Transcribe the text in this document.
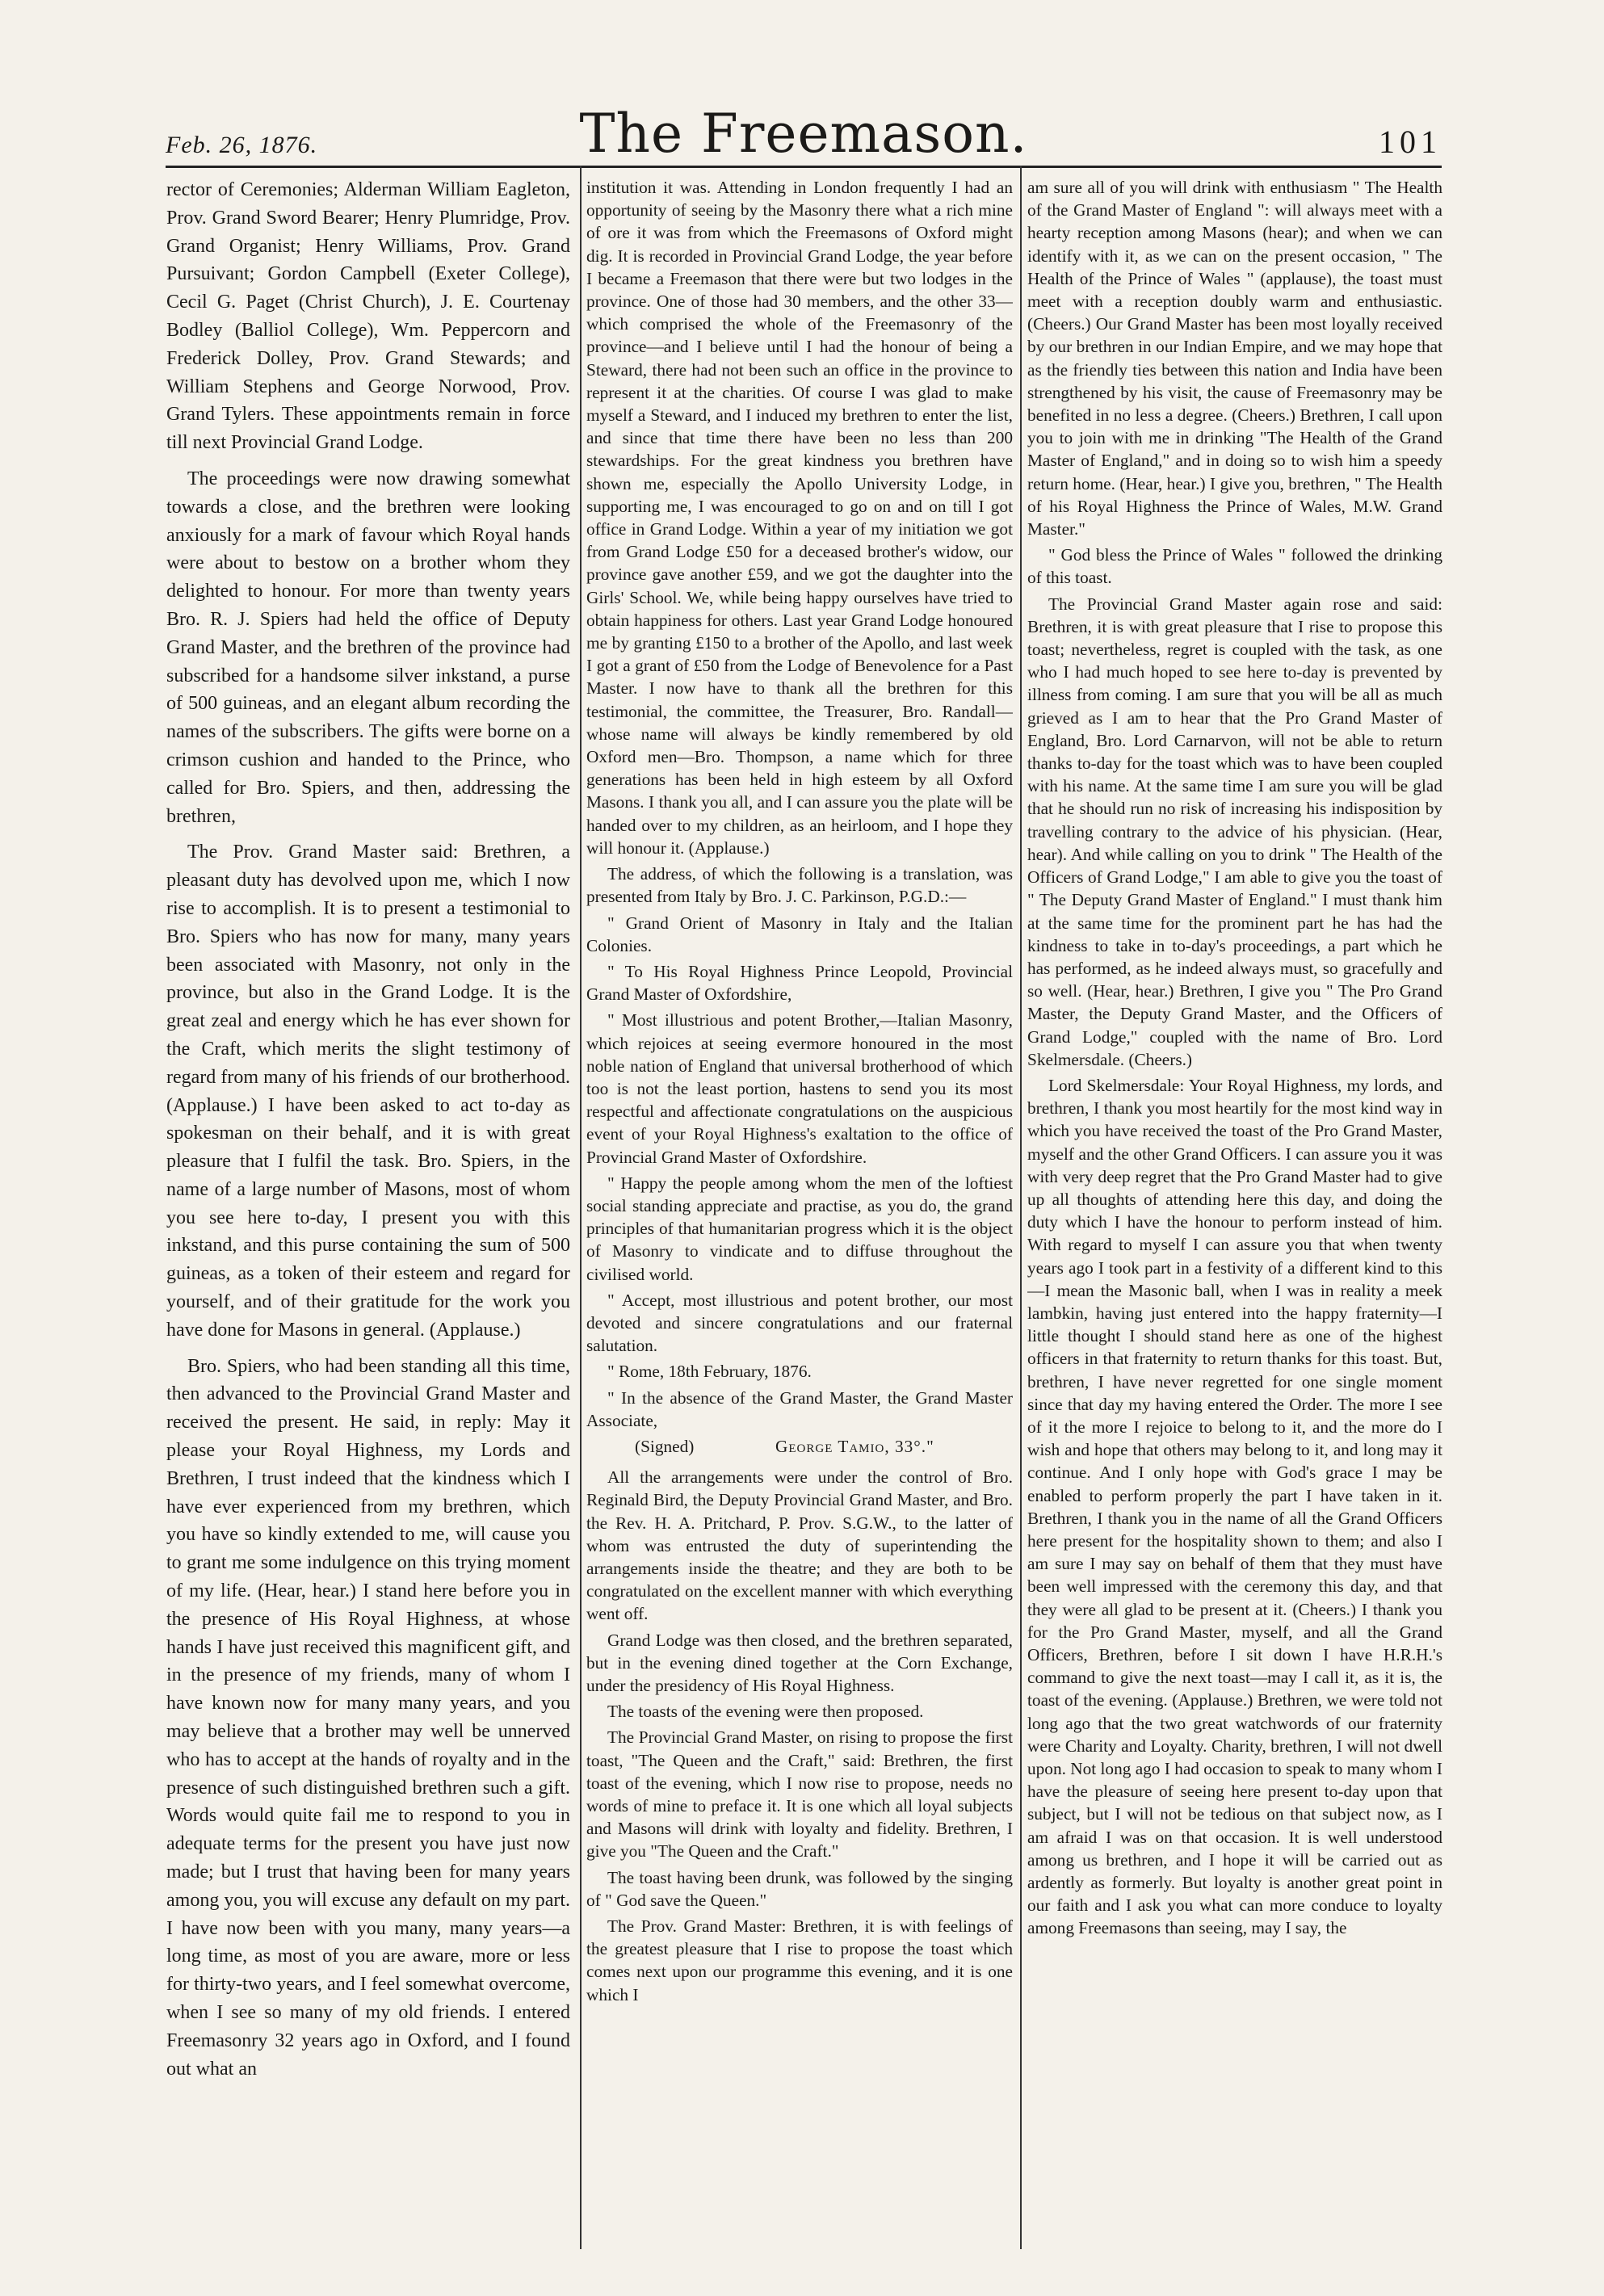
Feb. 26, 1876.	The Freemason.	101

rector of Ceremonies; Alderman William Eagleton, Prov. Grand Sword Bearer; Henry Plumridge, Prov. Grand Organist; Henry Williams, Prov. Grand Pursuivant; Gordon Campbell (Exeter College), Cecil G. Paget (Christ Church), J. E. Courtenay Bodley (Balliol College), Wm. Peppercorn and Frederick Dolley, Prov. Grand Stewards; and William Stephens and George Norwood, Prov. Grand Tylers. These appointments remain in force till next Provincial Grand Lodge.

The proceedings were now drawing somewhat towards a close, and the brethren were looking anxiously for a mark of favour which Royal hands were about to bestow on a brother whom they delighted to honour. For more than twenty years Bro. R. J. Spiers had held the office of Deputy Grand Master, and the brethren of the province had subscribed for a handsome silver inkstand, a purse of 500 guineas, and an elegant album recording the names of the subscribers. The gifts were borne on a crimson cushion and handed to the Prince, who called for Bro. Spiers, and then, addressing the brethren,

The Prov. Grand Master said: Brethren, a pleasant duty has devolved upon me, which I now rise to accomplish. It is to present a testimonial to Bro. Spiers who has now for many, many years been associated with Masonry, not only in the province, but also in the Grand Lodge. It is the great zeal and energy which he has ever shown for the Craft, which merits the slight testimony of regard from many of his friends of our brotherhood. (Applause.) I have been asked to act to-day as spokesman on their behalf, and it is with great pleasure that I fulfil the task. Bro. Spiers, in the name of a large number of Masons, most of whom you see here to-day, I present you with this inkstand, and this purse containing the sum of 500 guineas, as a token of their esteem and regard for yourself, and of their gratitude for the work you have done for Masons in general. (Applause.)

Bro. Spiers, who had been standing all this time, then advanced to the Provincial Grand Master and received the present. He said, in reply: May it please your Royal Highness, my Lords and Brethren, I trust indeed that the kindness which I have ever experienced from my brethren, which you have so kindly extended to me, will cause you to grant me some indulgence on this trying moment of my life. (Hear, hear.) I stand here before you in the presence of His Royal Highness, at whose hands I have just received this magnificent gift, and in the presence of my friends, many of whom I have known now for many many years, and you may believe that a brother may well be unnerved who has to accept at the hands of royalty and in the presence of such distinguished brethren such a gift. Words would quite fail me to respond to you in adequate terms for the present you have just now made; but I trust that having been for many years among you, you will excuse any default on my part. I have now been with you many, many years—a long time, as most of you are aware, more or less for thirty-two years, and I feel somewhat overcome, when I see so many of my old friends. I entered Freemasonry 32 years ago in Oxford, and I found out what an

institution it was. Attending in London frequently I had an opportunity of seeing by the Masonry there what a rich mine of ore it was from which the Freemasons of Oxford might dig. It is recorded in Provincial Grand Lodge, the year before I became a Freemason that there were but two lodges in the province. One of those had 30 members, and the other 33—which comprised the whole of the Freemasonry of the province—and I believe until I had the honour of being a Steward, there had not been such an office in the province to represent it at the charities. Of course I was glad to make myself a Steward, and I induced my brethren to enter the list, and since that time there have been no less than 200 stewardships. For the great kindness you brethren have shown me, especially the Apollo University Lodge, in supporting me, I was encouraged to go on and on till I got office in Grand Lodge. Within a year of my initiation we got from Grand Lodge £50 for a deceased brother's widow, our province gave another £59, and we got the daughter into the Girls' School. We, while being happy ourselves have tried to obtain happiness for others. Last year Grand Lodge honoured me by granting £150 to a brother of the Apollo, and last week I got a grant of £50 from the Lodge of Benevolence for a Past Master. I now have to thank all the brethren for this testimonial, the committee, the Treasurer, Bro. Randall—whose name will always be kindly remembered by old Oxford men—Bro. Thompson, a name which for three generations has been held in high esteem by all Oxford Masons. I thank you all, and I can assure you the plate will be handed over to my children, as an heirloom, and I hope they will honour it. (Applause.)

The address, of which the following is a translation, was presented from Italy by Bro. J. C. Parkinson, P.G.D.:—

" Grand Orient of Masonry in Italy and the Italian Colonies.

" To His Royal Highness Prince Leopold, Provincial Grand Master of Oxfordshire,

" Most illustrious and potent Brother,—Italian Masonry, which rejoices at seeing evermore honoured in the most noble nation of England that universal brotherhood of which too is not the least portion, hastens to send you its most respectful and affectionate congratulations on the auspicious event of your Royal Highness's exaltation to the office of Provincial Grand Master of Oxfordshire.

" Happy the people among whom the men of the loftiest social standing appreciate and practise, as you do, the grand principles of that humanitarian progress which it is the object of Masonry to vindicate and to diffuse throughout the civilised world.

" Accept, most illustrious and potent brother, our most devoted and sincere congratulations and our fraternal salutation.

" Rome, 18th February, 1876.

" In the absence of the Grand Master, the Grand Master Associate,

(Signed)	George Tamio, 33°."

All the arrangements were under the control of Bro. Reginald Bird, the Deputy Provincial Grand Master, and Bro. the Rev. H. A. Pritchard, P. Prov. S.G.W., to the latter of whom was entrusted the duty of superintending the arrangements inside the theatre; and they are both to be congratulated on the excellent manner with which everything went off.

Grand Lodge was then closed, and the brethren separated, but in the evening dined together at the Corn Exchange, under the presidency of His Royal Highness.

The toasts of the evening were then proposed.

The Provincial Grand Master, on rising to propose the first toast, "The Queen and the Craft," said: Brethren, the first toast of the evening, which I now rise to propose, needs no words of mine to preface it. It is one which all loyal subjects and Masons will drink with loyalty and fidelity. Brethren, I give you "The Queen and the Craft."

The toast having been drunk, was followed by the singing of " God save the Queen."

The Prov. Grand Master: Brethren, it is with feelings of the greatest pleasure that I rise to propose the toast which comes next upon our programme this evening, and it is one which I

am sure all of you will drink with enthusiasm " The Health of the Grand Master of England ": will always meet with a hearty reception among Masons (hear); and when we can identify with it, as we can on the present occasion, " The Health of the Prince of Wales " (applause), the toast must meet with a reception doubly warm and enthusiastic. (Cheers.) Our Grand Master has been most loyally received by our brethren in our Indian Empire, and we may hope that as the friendly ties between this nation and India have been strengthened by his visit, the cause of Freemasonry may be benefited in no less a degree. (Cheers.) Brethren, I call upon you to join with me in drinking "The Health of the Grand Master of England," and in doing so to wish him a speedy return home. (Hear, hear.) I give you, brethren, " The Health of his Royal Highness the Prince of Wales, M.W. Grand Master."

" God bless the Prince of Wales " followed the drinking of this toast.

The Provincial Grand Master again rose and said: Brethren, it is with great pleasure that I rise to propose this toast; nevertheless, regret is coupled with the task, as one who I had much hoped to see here to-day is prevented by illness from coming. I am sure that you will be all as much grieved as I am to hear that the Pro Grand Master of England, Bro. Lord Carnarvon, will not be able to return thanks to-day for the toast which was to have been coupled with his name. At the same time I am sure you will be glad that he should run no risk of increasing his indisposition by travelling contrary to the advice of his physician. (Hear, hear). And while calling on you to drink " The Health of the Officers of Grand Lodge," I am able to give you the toast of " The Deputy Grand Master of England." I must thank him at the same time for the prominent part he has had the kindness to take in to-day's proceedings, a part which he has performed, as he indeed always must, so gracefully and so well. (Hear, hear.) Brethren, I give you " The Pro Grand Master, the Deputy Grand Master, and the Officers of Grand Lodge," coupled with the name of Bro. Lord Skelmersdale. (Cheers.)

Lord Skelmersdale: Your Royal Highness, my lords, and brethren, I thank you most heartily for the most kind way in which you have received the toast of the Pro Grand Master, myself and the other Grand Officers. I can assure you it was with very deep regret that the Pro Grand Master had to give up all thoughts of attending here this day, and doing the duty which I have the honour to perform instead of him. With regard to myself I can assure you that when twenty years ago I took part in a festivity of a different kind to this—I mean the Masonic ball, when I was in reality a meek lambkin, having just entered into the happy fraternity—I little thought I should stand here as one of the highest officers in that fraternity to return thanks for this toast. But, brethren, I have never regretted for one single moment since that day my having entered the Order. The more I see of it the more I rejoice to belong to it, and the more do I wish and hope that others may belong to it, and long may it continue. And I only hope with God's grace I may be enabled to perform properly the part I have taken in it. Brethren, I thank you in the name of all the Grand Officers here present for the hospitality shown to them; and also I am sure I may say on behalf of them that they must have been well impressed with the ceremony this day, and that they were all glad to be present at it. (Cheers.) I thank you for the Pro Grand Master, myself, and all the Grand Officers, Brethren, before I sit down I have H.R.H.'s command to give the next toast—may I call it, as it is, the toast of the evening. (Applause.) Brethren, we were told not long ago that the two great watchwords of our fraternity were Charity and Loyalty. Charity, brethren, I will not dwell upon. Not long ago I had occasion to speak to many whom I have the pleasure of seeing here present to-day upon that subject, but I will not be tedious on that subject now, as I am afraid I was on that occasion. It is well understood among us brethren, and I hope it will be carried out as ardently as formerly. But loyalty is another great point in our faith and I ask you what can more conduce to loyalty among Freemasons than seeing, may I say, the
